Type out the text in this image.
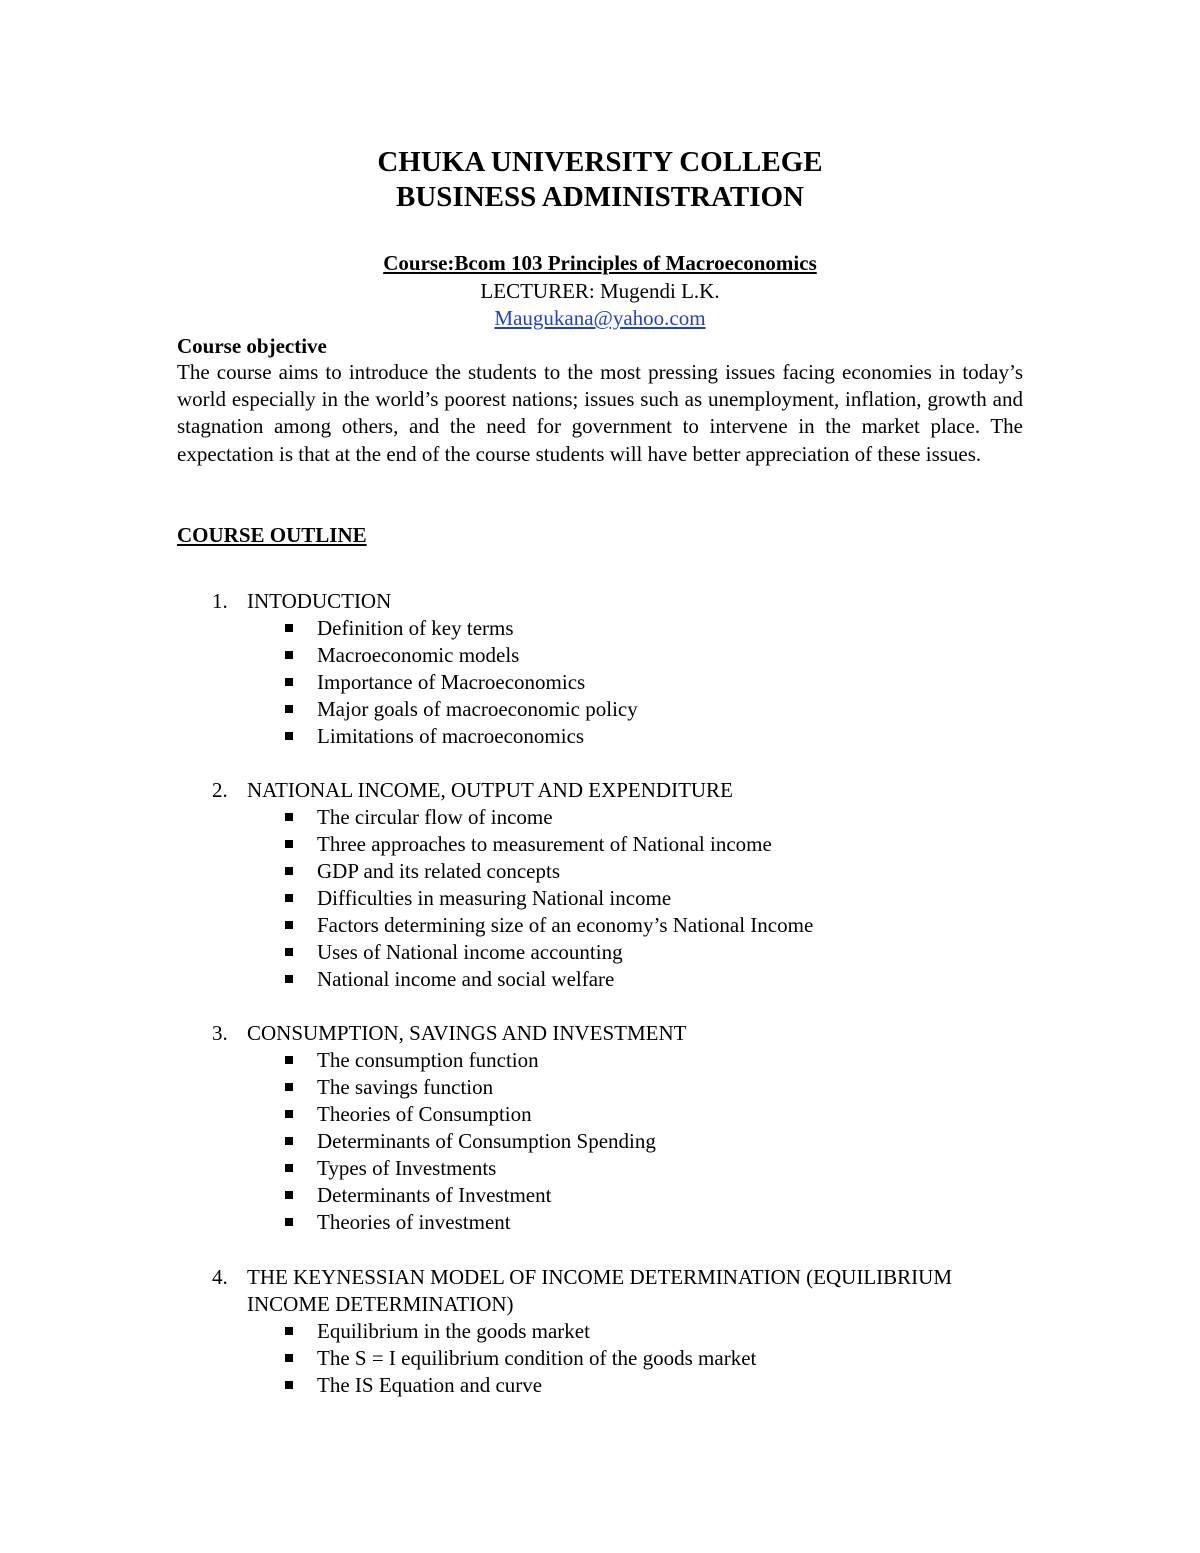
CHUKA UNIVERSITY COLLEGE
BUSINESS ADMINISTRATION
Course:Bcom 103 Principles of Macroeconomics
LECTURER: Mugendi L.K.
Maugukana@yahoo.com
Course objective
The course aims to introduce the students to the most pressing issues facing economies in today’s world especially in the world’s poorest nations; issues such as unemployment, inflation, growth and stagnation among others, and the need for government to intervene in the market place. The expectation is that at the end of the course students will have better appreciation of these issues.
COURSE OUTLINE
1. INTODUCTION
Definition of key terms
Macroeconomic models
Importance of Macroeconomics
Major goals of macroeconomic policy
Limitations of macroeconomics
2. NATIONAL INCOME, OUTPUT AND EXPENDITURE
The circular flow of income
Three approaches to measurement of National income
GDP and its related concepts
Difficulties in measuring National income
Factors determining size of an economy’s National Income
Uses of National income accounting
National income and social welfare
3. CONSUMPTION, SAVINGS AND INVESTMENT
The consumption function
The savings function
Theories of Consumption
Determinants of Consumption Spending
Types of Investments
Determinants of Investment
Theories of investment
4. THE KEYNESSIAN MODEL OF INCOME DETERMINATION (EQUILIBRIUM INCOME DETERMINATION)
Equilibrium in the goods market
The S = I equilibrium condition of the goods market
The IS Equation and curve
